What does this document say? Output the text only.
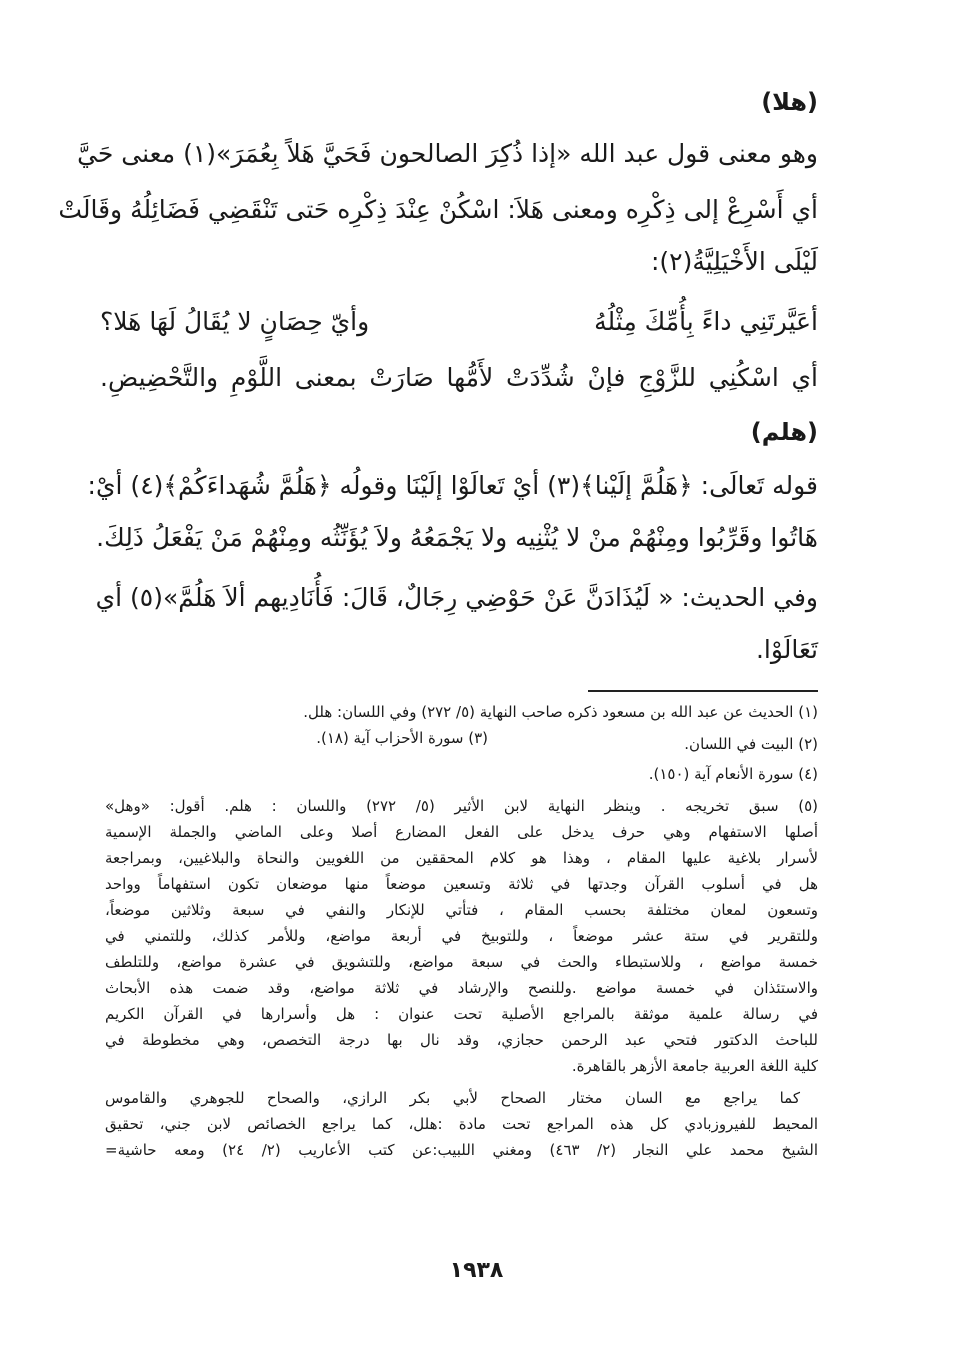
(هلا)
وهو معنى قول عبد الله «إذا ذُكِرَ الصالحون فَحَيَّ هَلاً بِعُمَرَ»(١) معنى حَيَّ
أي أَسْرِعْ إلى ذِكْرِه ومعنى هَلاَ: اسْكُنْ عِنْدَ ذِكْرِه حَتى تَنْقَضِي فَضَائِلُهُ وقَالَتْ
لَيْلَى الأَخْيَلِيَّةُ(٢):
أعَيَّرتَنِي داءً بِأُمِّكَ مِثْلُهُ
وأيّ حِصَانٍ لا يُقَالُ لَهَا هَلا؟
أي اسْكُنِي للزَّوْجِ فإنْ شُدِّدَتْ لأَمُّها صَارَتْ بمعنى اللَّوْمِ والتَّحْضِيضِ.
(هلم)
قوله تَعالَى: ﴿هَلُمَّ إلَيْنا﴾(٣) أيْ تَعالَوْا إلَيْنَا وقولُه ﴿هَلُمَّ شُهَداءَكُمْ﴾(٤) أيْ:
هَاتُوا وقَرِّبُوا ومِنْهُمْ منْ لا يُثْنِيه ولا يَجْمَعُهُ ولاَ يُؤَنِّثُه ومِنْهُمْ مَنْ يَفْعَلُ ذَلِكَ.
وفي الحديث: « لَيُذَادَنَّ عَنْ حَوْضِي رِجَالٌ، قَالَ: فَأُنَادِيهم ألاَ هَلُمَّ»(٥) أي
تَعَالَوْا.
(١) الحديث عن عبد الله بن مسعود ذكره صاحب النهاية (٥/ ٢٧٢) وفي اللسان: هلل.
(٢) البيت في اللسان.
(٣) سورة الأحزاب آية (١٨).
(٤) سورة الأنعام آية (١٥٠).
(٥) سبق تخريجه . وينظر النهاية لابن الأثير (٥/ ٢٧٢) واللسان : هلم. أقول: «وهل»
أصلها الاستفهام وهي حرف يدخل على الفعل المضارع أصلا وعلى الماضي والجملة الإسمية
لأسرار بلاغية عليها المقام ، وهذا هو كلام المحققين من اللغويين والنحاة والبلاغيين، وبمراجعة
هل في أسلوب القرآن وجدتها في ثلاثة وتسعين موضعاً منها موضعان تكون استفهاماً وواحد
وتسعون لمعان مختلفة بحسب المقام ، فتأتي للإنكار والنفي في سبعة وثلاثين موضعاً،
وللتقرير في ستة عشر موضعاً ، وللتوبيخ في أربعة مواضع، وللأمر كذلك، وللتمني في
خمسة مواضع ، وللاستبطاء والحث في سبعة مواضع، وللتشويق في عشرة مواضع، وللتلطف
والاستئذان في خمسة مواضع .وللنصح والإرشاد في ثلاثة مواضع، وقد ضمت هذه الأبحاث
في رسالة علمية موثقة بالمراجع الأصلية تحت عنوان : هل وأسرارها في القرآن الكريم
للباحث الدكتور فتحي عبد الرحمن حجازي، وقد نال بها درجة التخصص، وهي مخطوطة في
كلية اللغة العربية جامعة الأزهر بالقاهرة.
كما يراجع مع السان مختار الصحاح لأبي بكر الرازي، والصحاح للجوهري والقاموس
المحيط للفيروزبادي كل هذه المراجع تحت مادة :هلل، كما يراجع الخصائص لابن جني، تحقيق
الشيخ محمد علي النجار (٢/ ٤٦٣) ومغني اللبيب:عن كتب الأعاريب (٢/ ٢٤) ومعه حاشية=
١٩٣٨
